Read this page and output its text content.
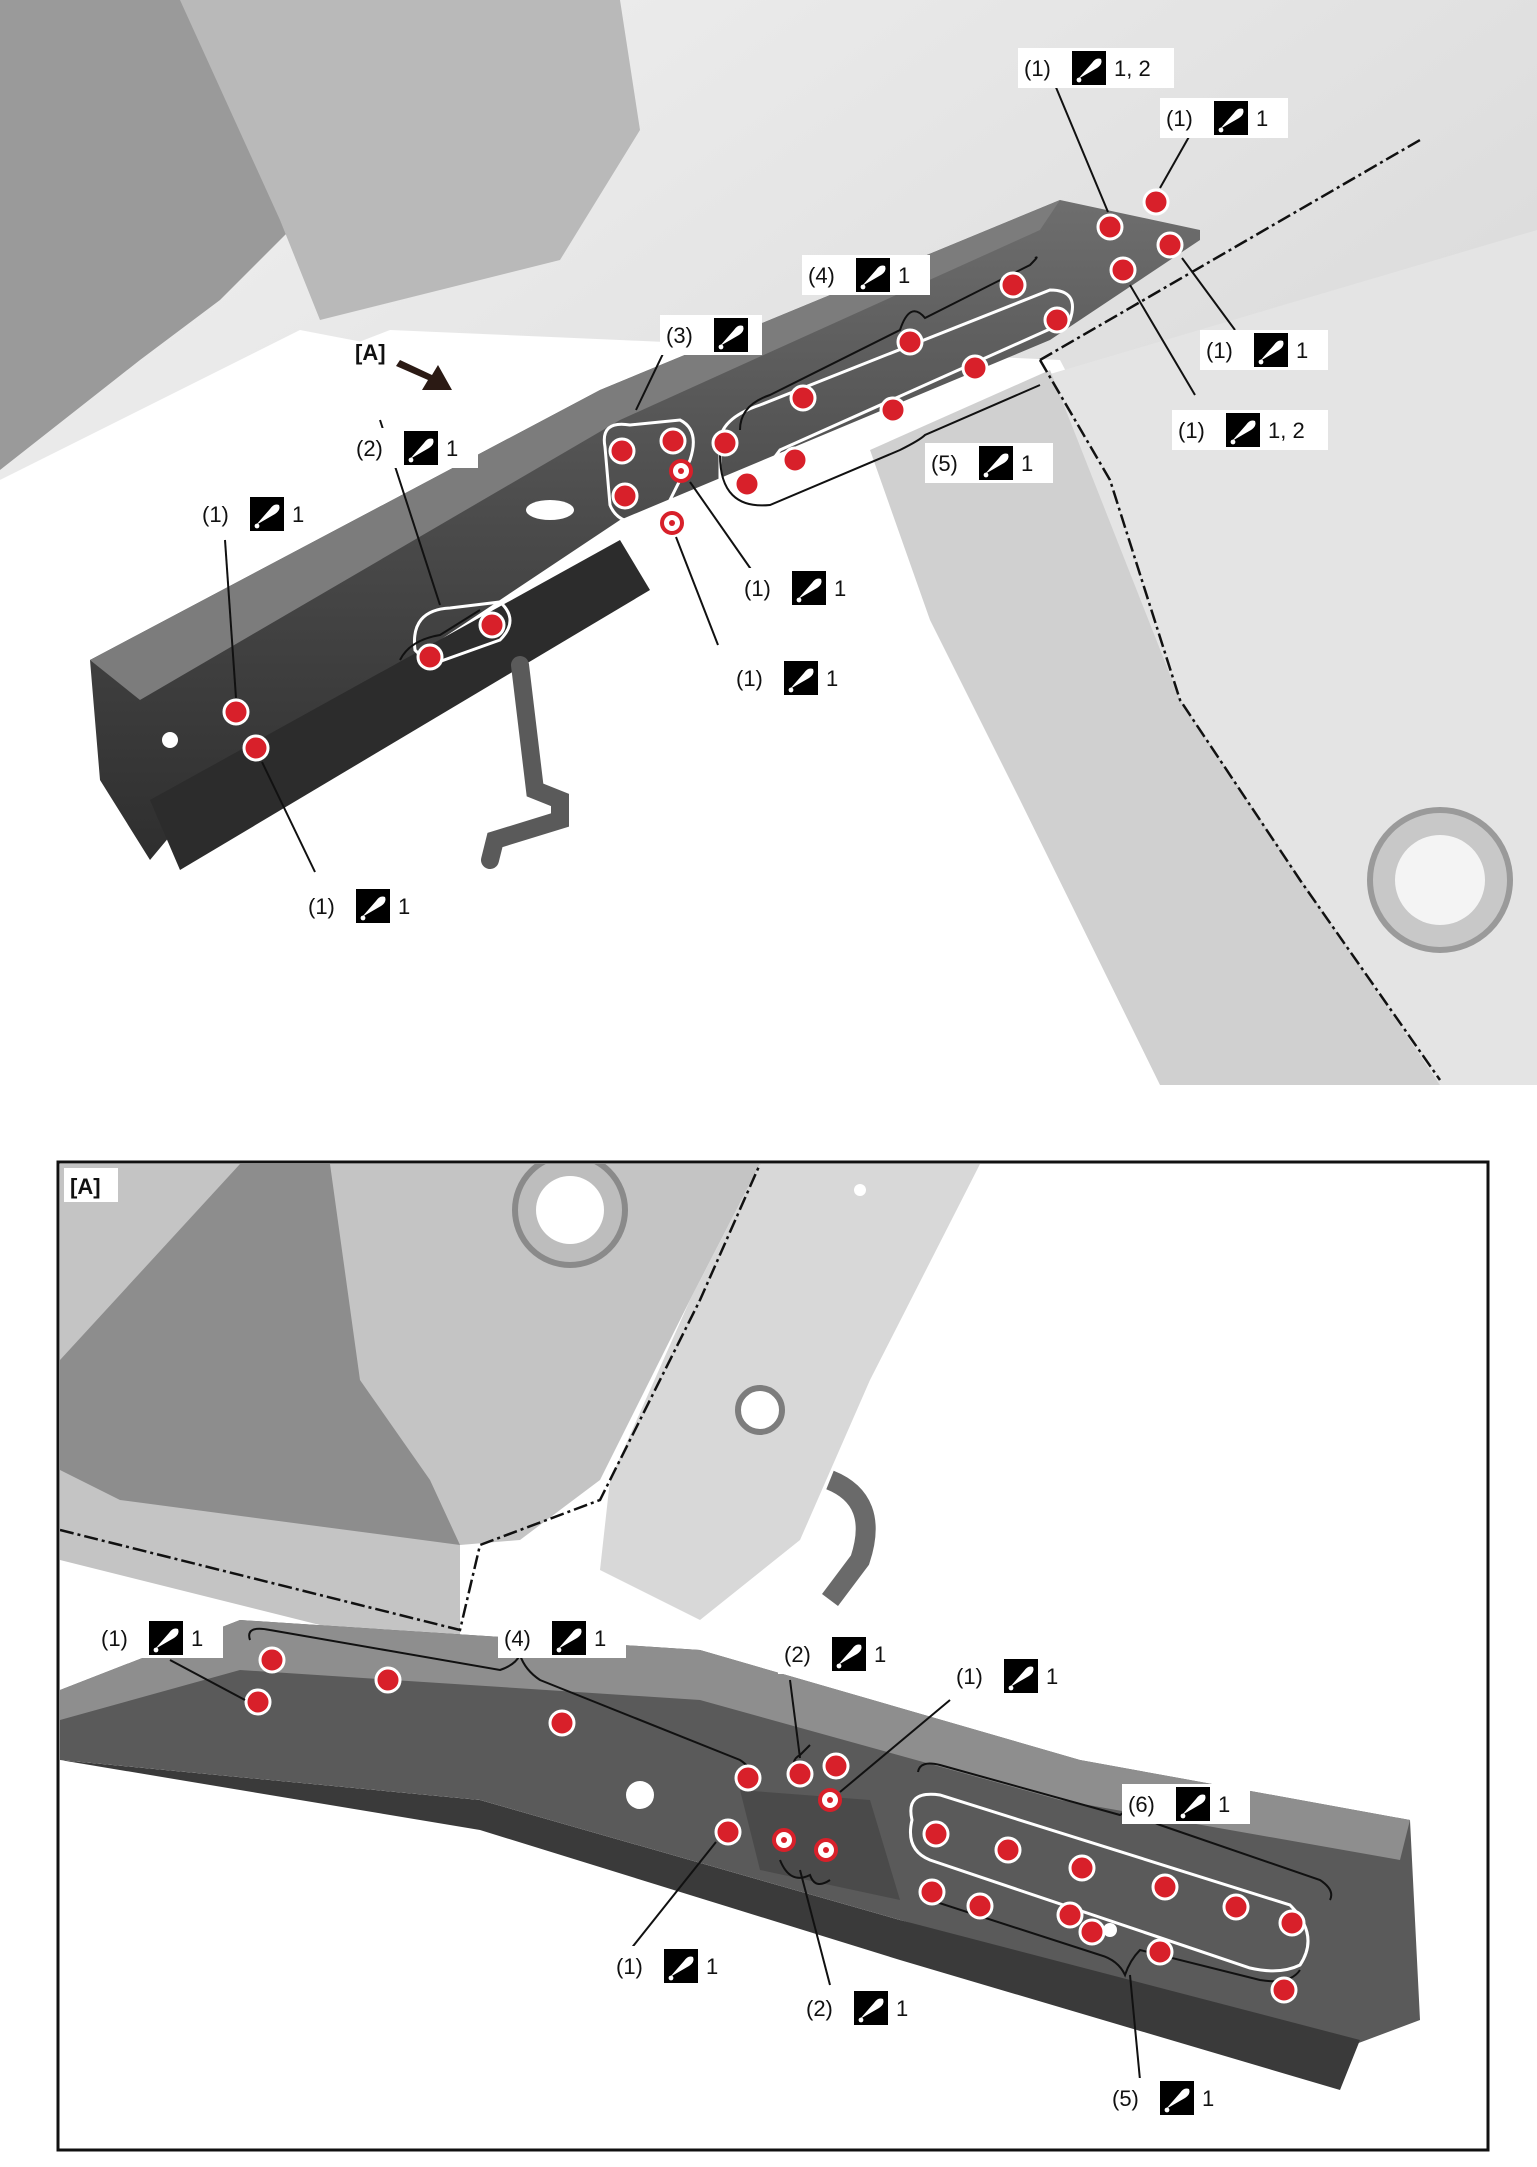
[A]
(1)	1, 2
(1)	1
(4)	1
(3)
(1)	1
(1)	1, 2
(5)	1
(2)	1
(1)	1
(1)	1
(1)	1
(1)	1
[A]
(1)	1	(4)	1
(2)	1
(1)	1
(6)	1
(1)	1
(2)	1
(5)	1
